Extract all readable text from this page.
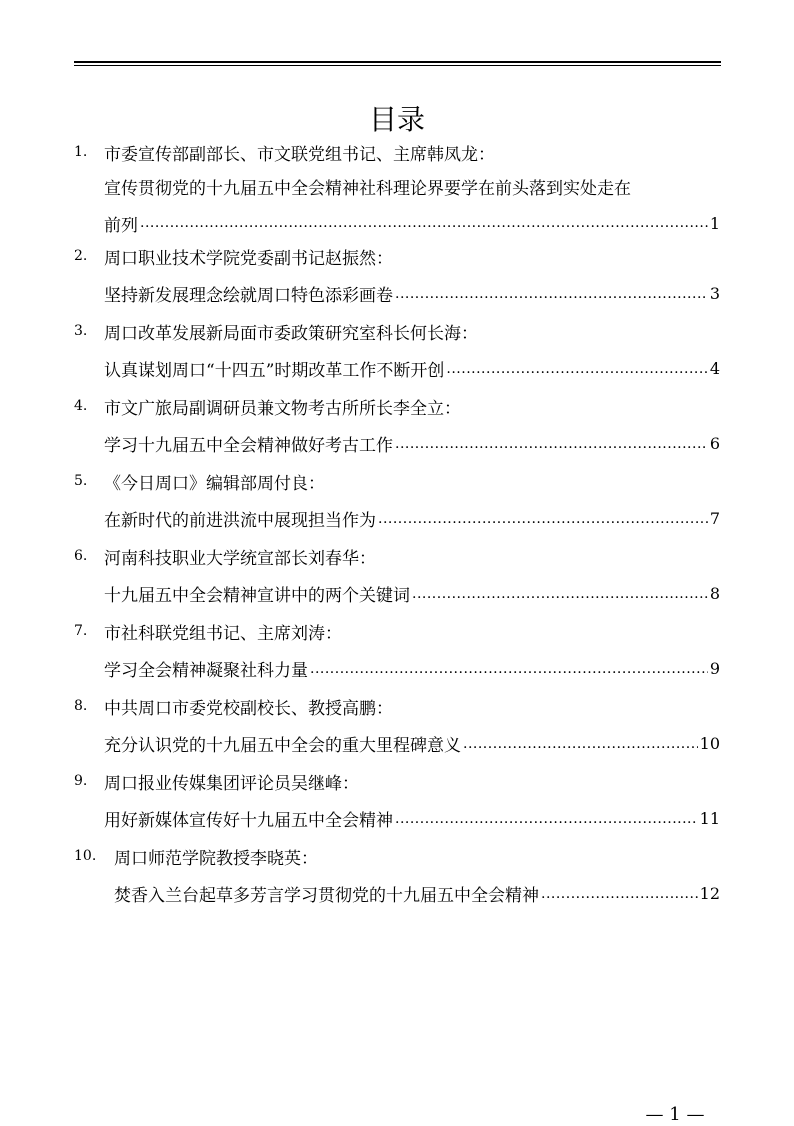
目录
1. 市委宣传部副部长、市文联党组书记、主席韩凤龙：
宣传贯彻党的十九届五中全会精神社科理论界要学在前头落到实处走在
前列 .....	1
2. 周口职业技术学院党委副书记赵振然：
坚持新发展理念绘就周口特色添彩画卷 .....	3
3. 周口改革发展新局面市委政策研究室科长何长海：
认真谋划周口“十四五”时期改革工作不断开创 .....	4
4. 市文广旅局副调研员兼文物考古所所长李全立：
学习十九届五中全会精神做好考古工作 .....	6
5. 《今日周口》编辑部周付良：
在新时代的前进洪流中展现担当作为 .....	7
6. 河南科技职业大学统宣部长刘春华：
十九届五中全会精神宣讲中的两个关键词 .....	8
7. 市社科联党组书记、主席刘涛：
学习全会精神凝聚社科力量 .....	9
8. 中共周口市委党校副校长、教授高鹏：
充分认识党的十九届五中全会的重大里程碑意义 .....	10
9. 周口报业传媒集团评论员吴继峰：
用好新媒体宣传好十九届五中全会精神 .....	11
10.	周口师范学院教授李晓英：
焚香入兰台起草多芳言学习贯彻党的十九届五中全会精神 .....	12
— 1 —
